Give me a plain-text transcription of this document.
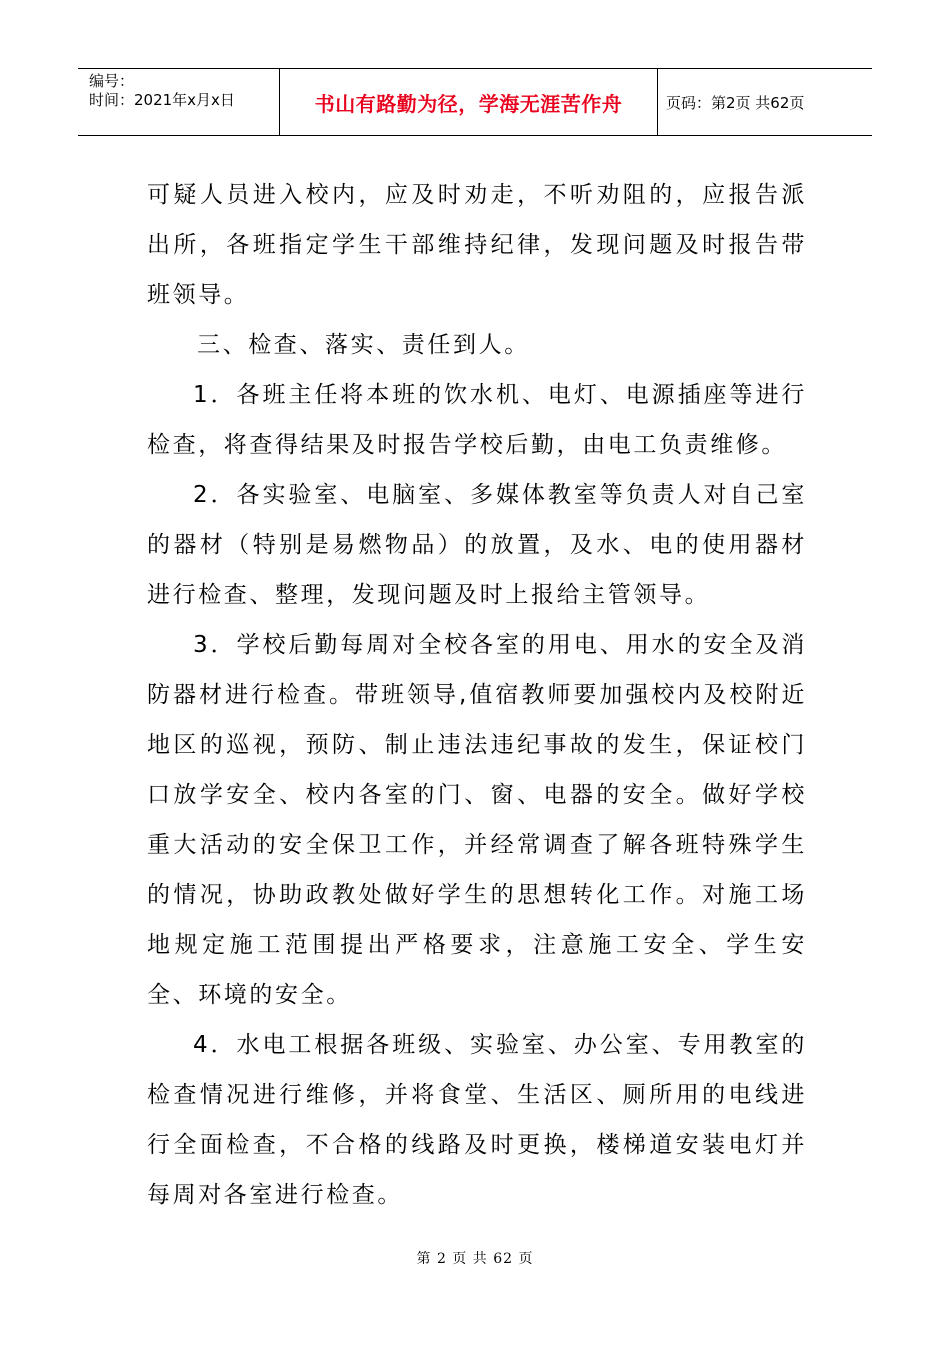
编号：
时间：2021年x月x日	书山有路勤为径，学海无涯苦作舟	页码：第2页 共62页

可疑人员进入校内，应及时劝走，不听劝阻的，应报告派出所，各班指定学生干部维持纪律，发现问题及时报告带班领导。

三、检查、落实、责任到人。

1．各班主任将本班的饮水机、电灯、电源插座等进行检查，将查得结果及时报告学校后勤，由电工负责维修。

2．各实验室、电脑室、多媒体教室等负责人对自己室的器材（特别是易燃物品）的放置，及水、电的使用器材进行检查、整理，发现问题及时上报给主管领导。

3．学校后勤每周对全校各室的用电、用水的安全及消防器材进行检查。带班领导,值宿教师要加强校内及校附近地区的巡视，预防、制止违法违纪事故的发生，保证校门口放学安全、校内各室的门、窗、电器的安全。做好学校重大活动的安全保卫工作，并经常调查了解各班特殊学生的情况，协助政教处做好学生的思想转化工作。对施工场地规定施工范围提出严格要求，注意施工安全、学生安全、环境的安全。

4．水电工根据各班级、实验室、办公室、专用教室的检查情况进行维修，并将食堂、生活区、厕所用的电线进行全面检查，不合格的线路及时更换，楼梯道安装电灯并每周对各室进行检查。

第 2 页 共 62 页
